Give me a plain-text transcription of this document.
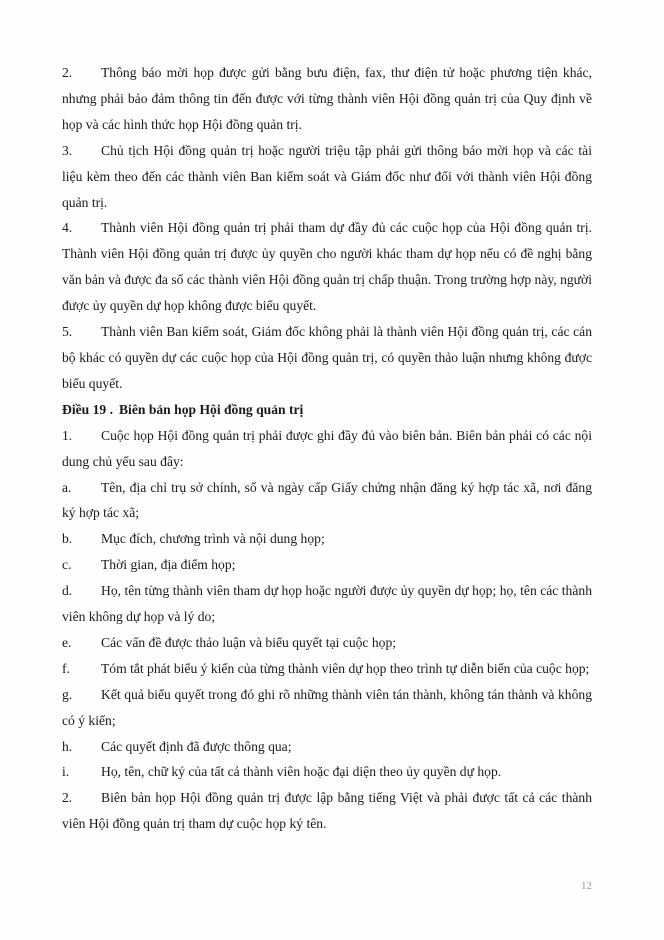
2. Thông báo mời họp được gửi bằng bưu điện, fax, thư điện tử hoặc phương tiện khác, nhưng phải bảo đảm thông tin đến được với từng thành viên Hội đồng quản trị của Quy định về họp và các hình thức họp Hội đồng quản trị.

3. Chủ tịch Hội đồng quản trị hoặc người triệu tập phải gửi thông báo mời họp và các tài liệu kèm theo đến các thành viên Ban kiểm soát và Giám đốc như đối với thành viên Hội đồng quản trị.

4. Thành viên Hội đồng quản trị phải tham dự đầy đủ các cuộc họp của Hội đồng quản trị. Thành viên Hội đồng quản trị được ủy quyền cho người khác tham dự họp nếu có đề nghị bằng văn bản và được đa số các thành viên Hội đồng quản trị chấp thuận. Trong trường hợp này, người được ủy quyền dự họp không được biểu quyết.

5. Thành viên Ban kiểm soát, Giám đốc không phải là thành viên Hội đồng quản trị, các cán bộ khác có quyền dự các cuộc họp của Hội đồng quản trị, có quyền thảo luận nhưng không được biểu quyết.

Điều 19 . Biên bản họp Hội đồng quản trị

1. Cuộc họp Hội đồng quản trị phải được ghi đầy đủ vào biên bản. Biên bản phải có các nội dung chủ yếu sau đây:

a. Tên, địa chỉ trụ sở chính, số và ngày cấp Giấy chứng nhận đăng ký hợp tác xã, nơi đăng ký hợp tác xã;

b. Mục đích, chương trình và nội dung họp;

c. Thời gian, địa điểm họp;

d. Họ, tên từng thành viên tham dự họp hoặc người được ủy quyền dự họp; họ, tên các thành viên không dự họp và lý do;

e. Các vấn đề được thảo luận và biểu quyết tại cuộc họp;

f. Tóm tắt phát biểu ý kiến của từng thành viên dự họp theo trình tự diễn biến của cuộc họp;

g. Kết quả biểu quyết trong đó ghi rõ những thành viên tán thành, không tán thành và không có ý kiến;

h. Các quyết định đã được thông qua;

i. Họ, tên, chữ ký của tất cả thành viên hoặc đại diện theo ủy quyền dự họp.

2. Biên bản họp Hội đồng quản trị được lập bằng tiếng Việt và phải được tất cả các thành viên Hội đồng quản trị tham dự cuộc họp ký tên.

12
